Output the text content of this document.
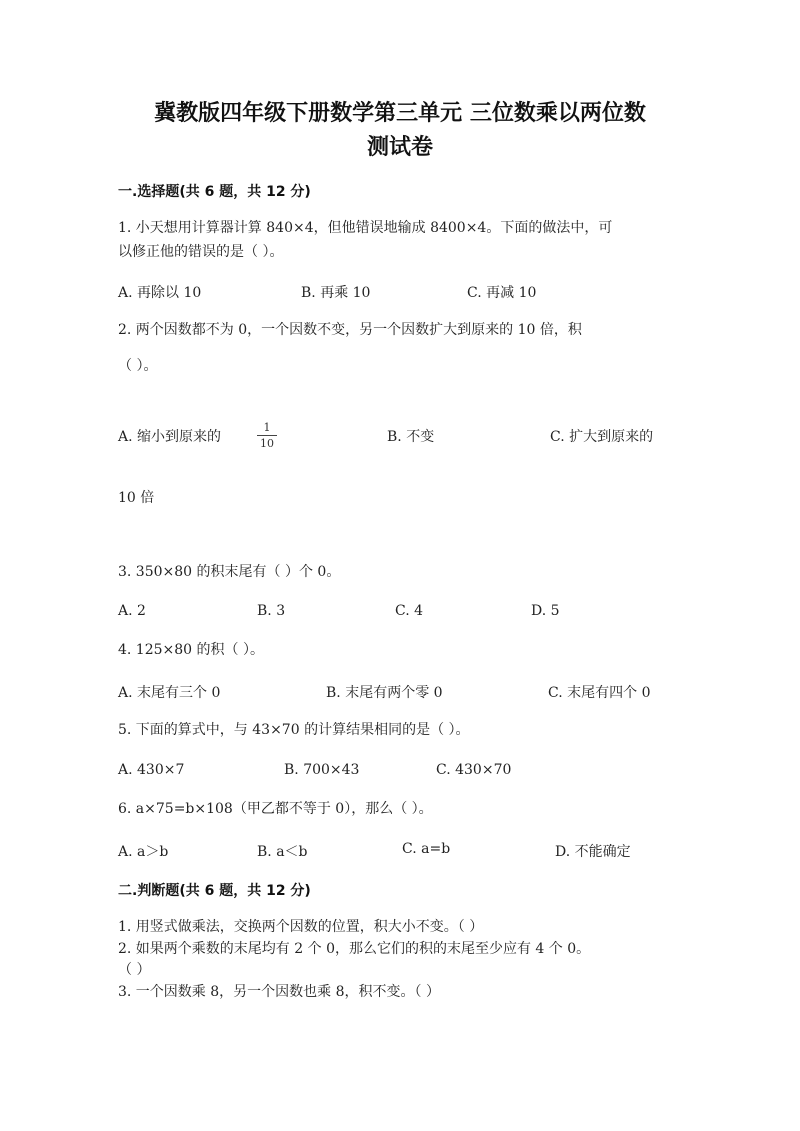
冀教版四年级下册数学第三单元 三位数乘以两位数
测试卷
一.选择题(共 6 题，共 12 分)
1. 小天想用计算器计算 840×4，但他错误地输成 8400×4。下面的做法中，可
以修正他的错误的是（ ）。
A. 再除以 10	B. 再乘 10	C. 再减 10
2. 两个因数都不为 0，一个因数不变，另一个因数扩大到原来的 10 倍，积
（ ）。
A. 缩小到原来的
1
10	B. 不变	C. 扩大到原来的
10 倍
3. 350×80 的积末尾有（ ）个 0。
A. 2	B. 3	C. 4	D. 5
4. 125×80 的积（ ）。
A. 末尾有三个 0	B. 末尾有两个零 0	C. 末尾有四个 0
5. 下面的算式中，与 43×70 的计算结果相同的是（ ）。
A. 430×7	B. 700×43	C. 430×70
6. a×75=b×108（甲乙都不等于 0），那么（ ）。
A. a＞b	B. a＜b	C. a=b	D. 不能确定
二.判断题(共 6 题，共 12 分)
1. 用竖式做乘法，交换两个因数的位置，积大小不变。（ ）
2. 如果两个乘数的末尾均有 2 个 0，那么它们的积的末尾至少应有 4 个 0。
（ ）
3. 一个因数乘 8，另一个因数也乘 8，积不变。（ ）
